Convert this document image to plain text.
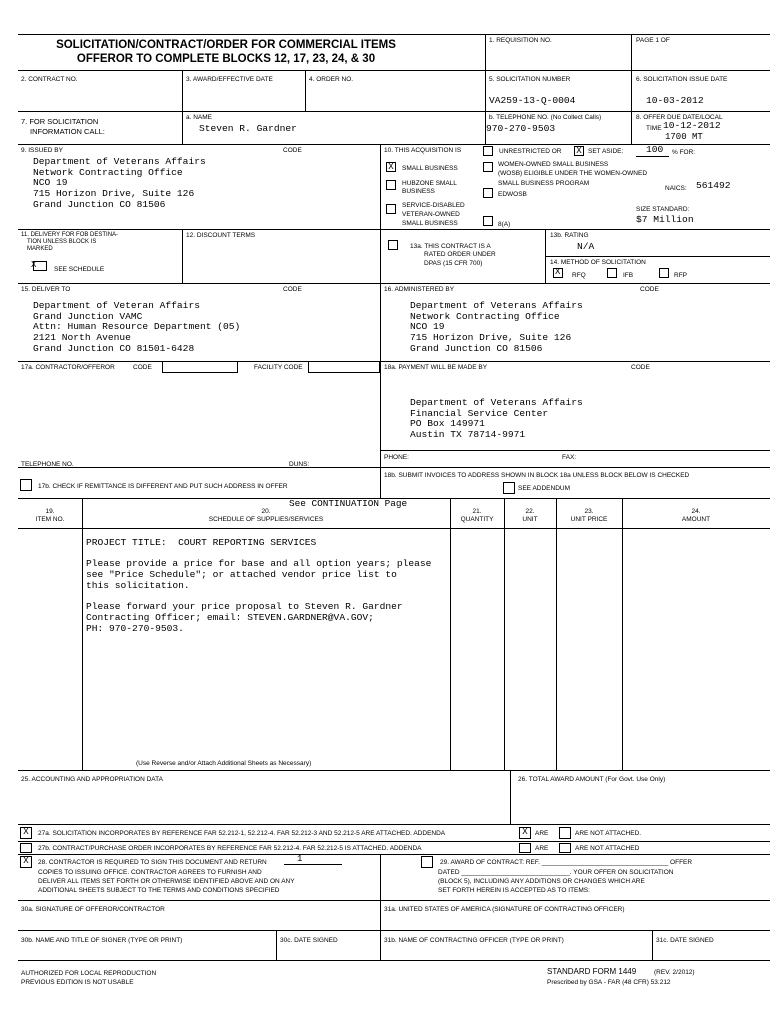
SOLICITATION/CONTRACT/ORDER FOR COMMERCIAL ITEMS
OFFEROR TO COMPLETE BLOCKS 12, 17, 23, 24, & 30
1. REQUISITION NO.	PAGE 1 OF
2. CONTRACT NO.	3. AWARD/EFFECTIVE DATE	4. ORDER NO.	5. SOLICITATION NUMBER
VA259-13-Q-0004
6. SOLICITATION ISSUE DATE
10-03-2012
7. FOR SOLICITATION
INFORMATION CALL:
a. NAME
Steven R. Gardner
b. TELEPHONE NO. (No Collect Calls)
970-270-9503
8. OFFER DUE DATE/LOCAL
TIME 10-12-2012
1700 MT
9. ISSUED BY	CODE
Department of Veterans Affairs
Network Contracting Office
NCO 19
715 Horizon Drive, Suite 126
Grand Junction CO 81506
10. THIS ACQUISITION IS	UNRESTRICTED OR X SET ASIDE: 100 % FOR:
X	SMALL BUSINESS
HUBZONE SMALL
BUSINESS
SERVICE-DISABLED
VETERAN-OWNED
SMALL BUSINESS
WOMEN-OWNED SMALL BUSINESS
(WOSB) ELIGIBLE UNDER THE WOMEN-OWNED
SMALL BUSINESS PROGRAM
EDWOSB
8(A)
NAICS: 561492
SIZE STANDARD:
$7 Million
11. DELIVERY FOR FOB DESTINA-
TION UNLESS BLOCK IS
MARKED
X	SEE SCHEDULE
12. DISCOUNT TERMS
13a. THIS CONTRACT IS A
RATED ORDER UNDER
DPAS (15 CFR 700)
13b. RATING
N/A
14. METHOD OF SOLICITATION
X RFQ	IFB	RFP
15. DELIVER TO	CODE
Department of Veteran Affairs
Grand Junction VAMC
Attn: Human Resource Department (05)
2121 North Avenue
Grand Junction CO 81501-6428
16. ADMINISTERED BY	CODE
Department of Veterans Affairs
Network Contracting Office
NCO 19
715 Horizon Drive, Suite 126
Grand Junction CO 81506
17a. CONTRACTOR/OFFEROR	CODE	FACILITY CODE	18a. PAYMENT WILL BE MADE BY	CODE
Department of Veterans Affairs
Financial Service Center
PO Box 149971
Austin TX 78714-9971
TELEPHONE NO.	DUNS:
PHONE:	FAX:
17b. CHECK IF REMITTANCE IS DIFFERENT AND PUT SUCH ADDRESS IN OFFER
18b. SUBMIT INVOICES TO ADDRESS SHOWN IN BLOCK 18a UNLESS BLOCK BELOW IS CHECKED
SEE ADDENDUM
19.
ITEM NO.
20.
SCHEDULE OF SUPPLIES/SERVICES
See CONTINUATION Page
21.
QUANTITY
22.
UNIT
23.
UNIT PRICE
24.
AMOUNT
PROJECT TITLE:  COURT REPORTING SERVICES

Please provide a price for base and all option years; please
see "Price Schedule"; or attached vendor price list to
this solicitation.

Please forward your price proposal to Steven R. Gardner
Contracting Officer; email: STEVEN.GARDNER@VA.GOV;
PH: 970-270-9503.
(Use Reverse and/or Attach Additional Sheets as Necessary)
25. ACCOUNTING AND APPROPRIATION DATA	26. TOTAL AWARD AMOUNT (For Govt. Use Only)
X	27a. SOLICITATION INCORPORATES BY REFERENCE FAR 52.212-1, 52.212-4. FAR 52.212-3 AND 52.212-5 ARE ATTACHED. ADDENDA	X	ARE	ARE NOT ATTACHED.
27b. CONTRACT/PURCHASE ORDER INCORPORATES BY REFERENCE FAR 52.212-4. FAR 52.212-5 IS ATTACHED. ADDENDA	ARE	ARE NOT ATTACHED
X	28. CONTRACTOR IS REQUIRED TO SIGN THIS DOCUMENT AND RETURN	1
COPIES TO ISSUING OFFICE. CONTRACTOR AGREES TO FURNISH AND
DELIVER ALL ITEMS SET FORTH OR OTHERWISE IDENTIFIED ABOVE AND ON ANY
ADDITIONAL SHEETS SUBJECT TO THE TERMS AND CONDITIONS SPECIFIED
29. AWARD OF CONTRACT: REF. ___________________________________ OFFER
DATED ______________________________. YOUR OFFER ON SOLICITATION
(BLOCK 5), INCLUDING ANY ADDITIONS OR CHANGES WHICH ARE
SET FORTH HEREIN IS ACCEPTED AS TO ITEMS:
30a. SIGNATURE OF OFFEROR/CONTRACTOR	31a. UNITED STATES OF AMERICA (SIGNATURE OF CONTRACTING OFFICER)
30b. NAME AND TITLE OF SIGNER (TYPE OR PRINT)	30c. DATE SIGNED	31b. NAME OF CONTRACTING OFFICER (TYPE OR PRINT)	31c. DATE SIGNED
AUTHORIZED FOR LOCAL REPRODUCTION
PREVIOUS EDITION IS NOT USABLE
STANDARD FORM 1449	(REV. 2/2012)
Prescribed by GSA - FAR (48 CFR) 53.212
